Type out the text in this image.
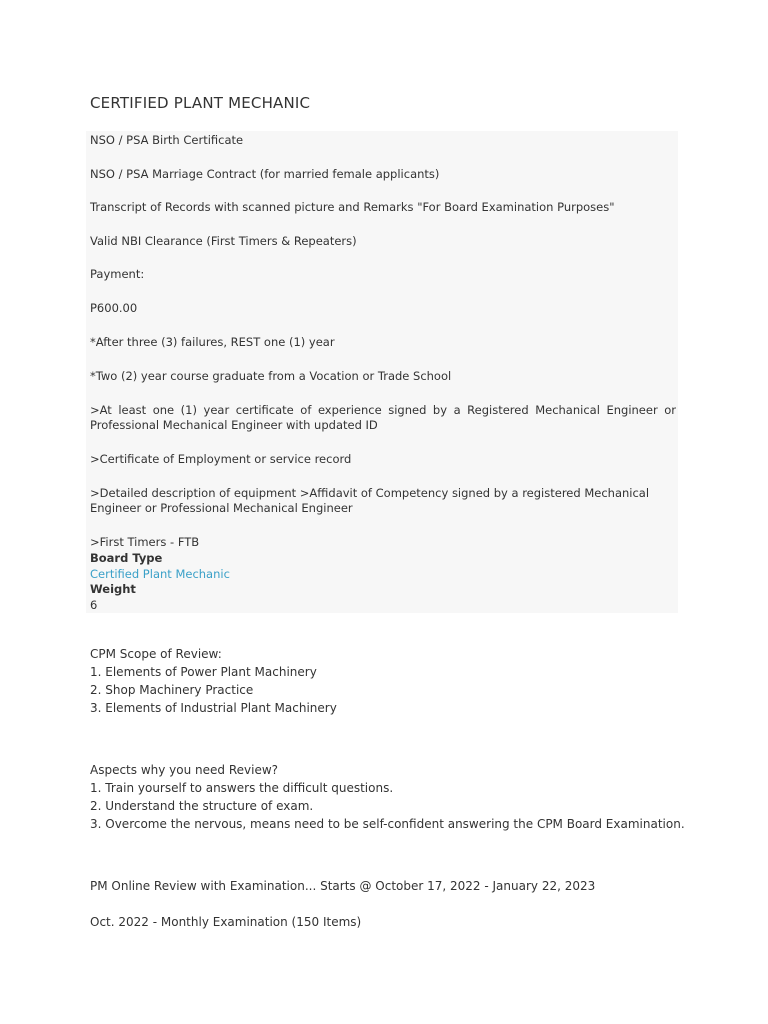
CERTIFIED PLANT MECHANIC
NSO / PSA Birth Certificate
NSO / PSA Marriage Contract (for married female applicants)
Transcript of Records with scanned picture and Remarks "For Board Examination Purposes"
Valid NBI Clearance (First Timers & Repeaters)
Payment:
P600.00
*After three (3) failures, REST one (1) year
*Two (2) year course graduate from a Vocation or Trade School
>At least one (1) year certificate of experience signed by a Registered Mechanical Engineer or Professional Mechanical Engineer with updated ID
>Certificate of Employment or service record
>Detailed description of equipment >Affidavit of Competency signed by a registered Mechanical Engineer or Professional Mechanical Engineer
>First Timers - FTB
Board Type
Certified Plant Mechanic
Weight
6
CPM Scope of Review:
1. Elements of Power Plant Machinery
2. Shop Machinery Practice
3. Elements of Industrial Plant Machinery
Aspects why you need Review?
1. Train yourself to answers the difficult questions.
2. Understand the structure of exam.
3. Overcome the nervous, means need to be self-confident answering the CPM Board Examination.
PM Online Review with Examination... Starts @ October 17, 2022 - January 22, 2023
Oct. 2022 - Monthly Examination (150 Items)
